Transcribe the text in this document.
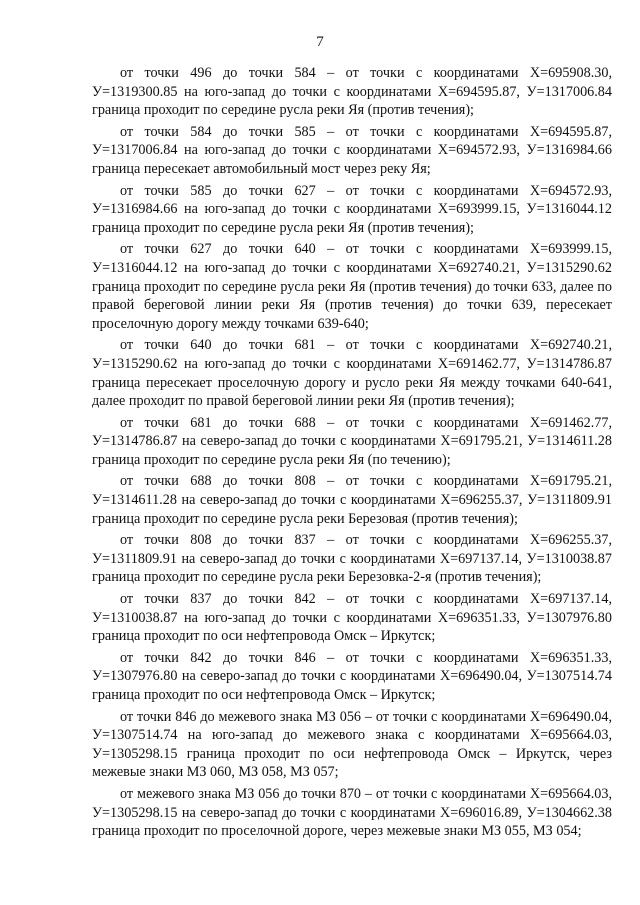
7

от точки 496 до точки 584 – от точки с координатами X=695908.30, У=1319300.85 на юго-запад до точки с координатами X=694595.87, У=1317006.84 граница проходит по середине русла реки Яя (против течения);

от точки 584 до точки 585 – от точки с координатами X=694595.87, У=1317006.84 на юго-запад до точки с координатами X=694572.93, У=1316984.66 граница пересекает автомобильный мост через реку Яя;

от точки 585 до точки 627 – от точки с координатами X=694572.93, У=1316984.66 на юго-запад до точки с координатами X=693999.15, У=1316044.12 граница проходит по середине русла реки Яя (против течения);

от точки 627 до точки 640 – от точки с координатами X=693999.15, У=1316044.12 на юго-запад до точки с координатами X=692740.21, У=1315290.62 граница проходит по середине русла реки Яя (против течения) до точки 633, далее по правой береговой линии реки Яя (против течения) до точки 639, пересекает проселочную дорогу между точками 639-640;

от точки 640 до точки 681 – от точки с координатами X=692740.21, У=1315290.62 на юго-запад до точки с координатами X=691462.77, У=1314786.87 граница пересекает проселочную дорогу и русло реки Яя между точками 640-641, далее проходит по правой береговой линии реки Яя (против течения);

от точки 681 до точки 688 – от точки с координатами X=691462.77, У=1314786.87 на северо-запад до точки с координатами X=691795.21, У=1314611.28 граница проходит по середине русла реки Яя (по течению);

от точки 688 до точки 808 – от точки с координатами X=691795.21, У=1314611.28 на северо-запад до точки с координатами X=696255.37, У=1311809.91 граница проходит по середине русла реки Березовая (против течения);

от точки 808 до точки 837 – от точки с координатами X=696255.37, У=1311809.91 на северо-запад до точки с координатами X=697137.14, У=1310038.87 граница проходит по середине русла реки Березовка-2-я (против течения);

от точки 837 до точки 842 – от точки с координатами X=697137.14, У=1310038.87 на юго-запад до точки с координатами X=696351.33, У=1307976.80 граница проходит по оси нефтепровода Омск – Иркутск;

от точки 842 до точки 846 – от точки с координатами X=696351.33, У=1307976.80 на северо-запад до точки с координатами X=696490.04, У=1307514.74 граница проходит по оси нефтепровода Омск – Иркутск;

от точки 846 до межевого знака МЗ 056 – от точки с координатами X=696490.04, У=1307514.74 на юго-запад до межевого знака с координатами X=695664.03, У=1305298.15 граница проходит по оси нефтепровода Омск – Иркутск, через межевые знаки МЗ 060, МЗ 058, МЗ 057;

от межевого знака МЗ 056 до точки 870 – от точки с координатами X=695664.03, У=1305298.15 на северо-запад до точки с координатами X=696016.89, У=1304662.38 граница проходит по проселочной дороге, через межевые знаки МЗ 055, МЗ 054;
